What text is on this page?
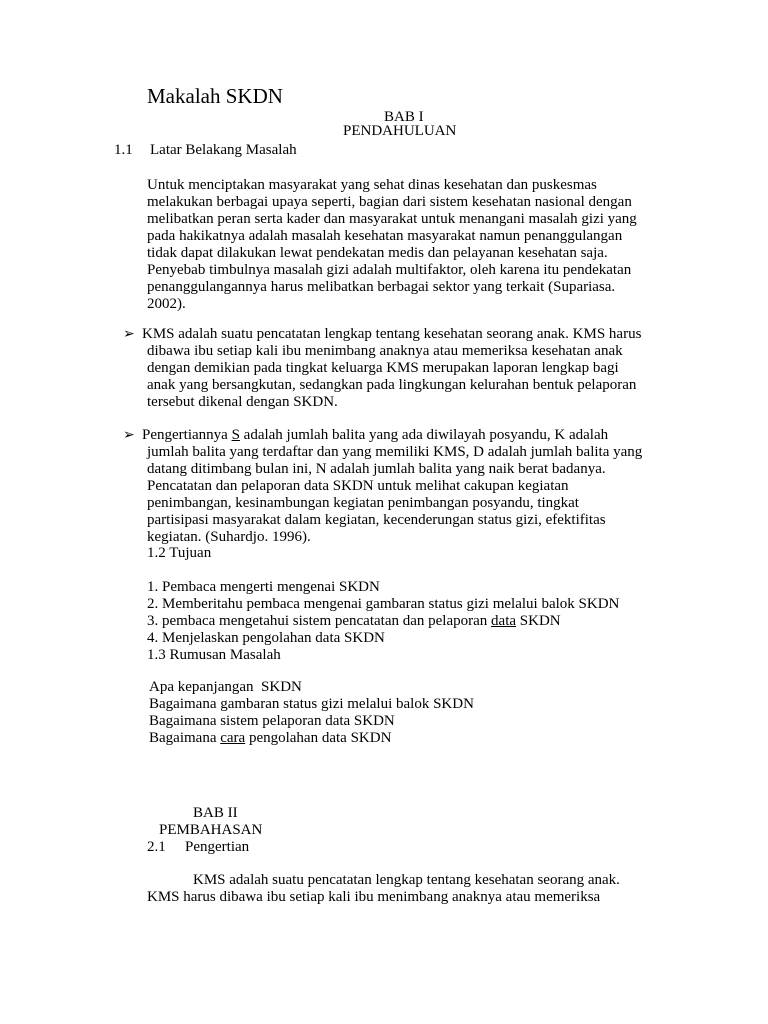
Makalah SKDN
BAB I
PENDAHULUAN
1.1 Latar Belakang Masalah
Untuk menciptakan masyarakat yang sehat dinas kesehatan dan puskesmas
melakukan berbagai upaya seperti, bagian dari sistem kesehatan nasional dengan
melibatkan peran serta kader dan masyarakat untuk menangani masalah gizi yang
pada hakikatnya adalah masalah kesehatan masyarakat namun penanggulangan
tidak dapat dilakukan lewat pendekatan medis dan pelayanan kesehatan saja.
Penyebab timbulnya masalah gizi adalah multifaktor, oleh karena itu pendekatan
penanggulangannya harus melibatkan berbagai sektor yang terkait (Supariasa.
2002).
➢ KMS adalah suatu pencatatan lengkap tentang kesehatan seorang anak. KMS harus
dibawa ibu setiap kali ibu menimbang anaknya atau memeriksa kesehatan anak
dengan demikian pada tingkat keluarga KMS merupakan laporan lengkap bagi
anak yang bersangkutan, sedangkan pada lingkungan kelurahan bentuk pelaporan
tersebut dikenal dengan SKDN.
➢ Pengertiannya S adalah jumlah balita yang ada diwilayah posyandu, K adalah
jumlah balita yang terdaftar dan yang memiliki KMS, D adalah jumlah balita yang
datang ditimbang bulan ini, N adalah jumlah balita yang naik berat badanya.
Pencatatan dan pelaporan data SKDN untuk melihat cakupan kegiatan
penimbangan, kesinambungan kegiatan penimbangan posyandu, tingkat
partisipasi masyarakat dalam kegiatan, kecenderungan status gizi, efektifitas
kegiatan. (Suhardjo. 1996).
1.2 Tujuan
1. Pembaca mengerti mengenai SKDN
2. Memberitahu pembaca mengenai gambaran status gizi melalui balok SKDN
3. pembaca mengetahui sistem pencatatan dan pelaporan data SKDN
4. Menjelaskan pengolahan data SKDN
1.3 Rumusan Masalah
Apa kepanjangan  SKDN
Bagaimana gambaran status gizi melalui balok SKDN
Bagaimana sistem pelaporan data SKDN
Bagaimana cara pengolahan data SKDN
BAB II
PEMBAHASAN
2.1 Pengertian
KMS adalah suatu pencatatan lengkap tentang kesehatan seorang anak.
KMS harus dibawa ibu setiap kali ibu menimbang anaknya atau memeriksa
